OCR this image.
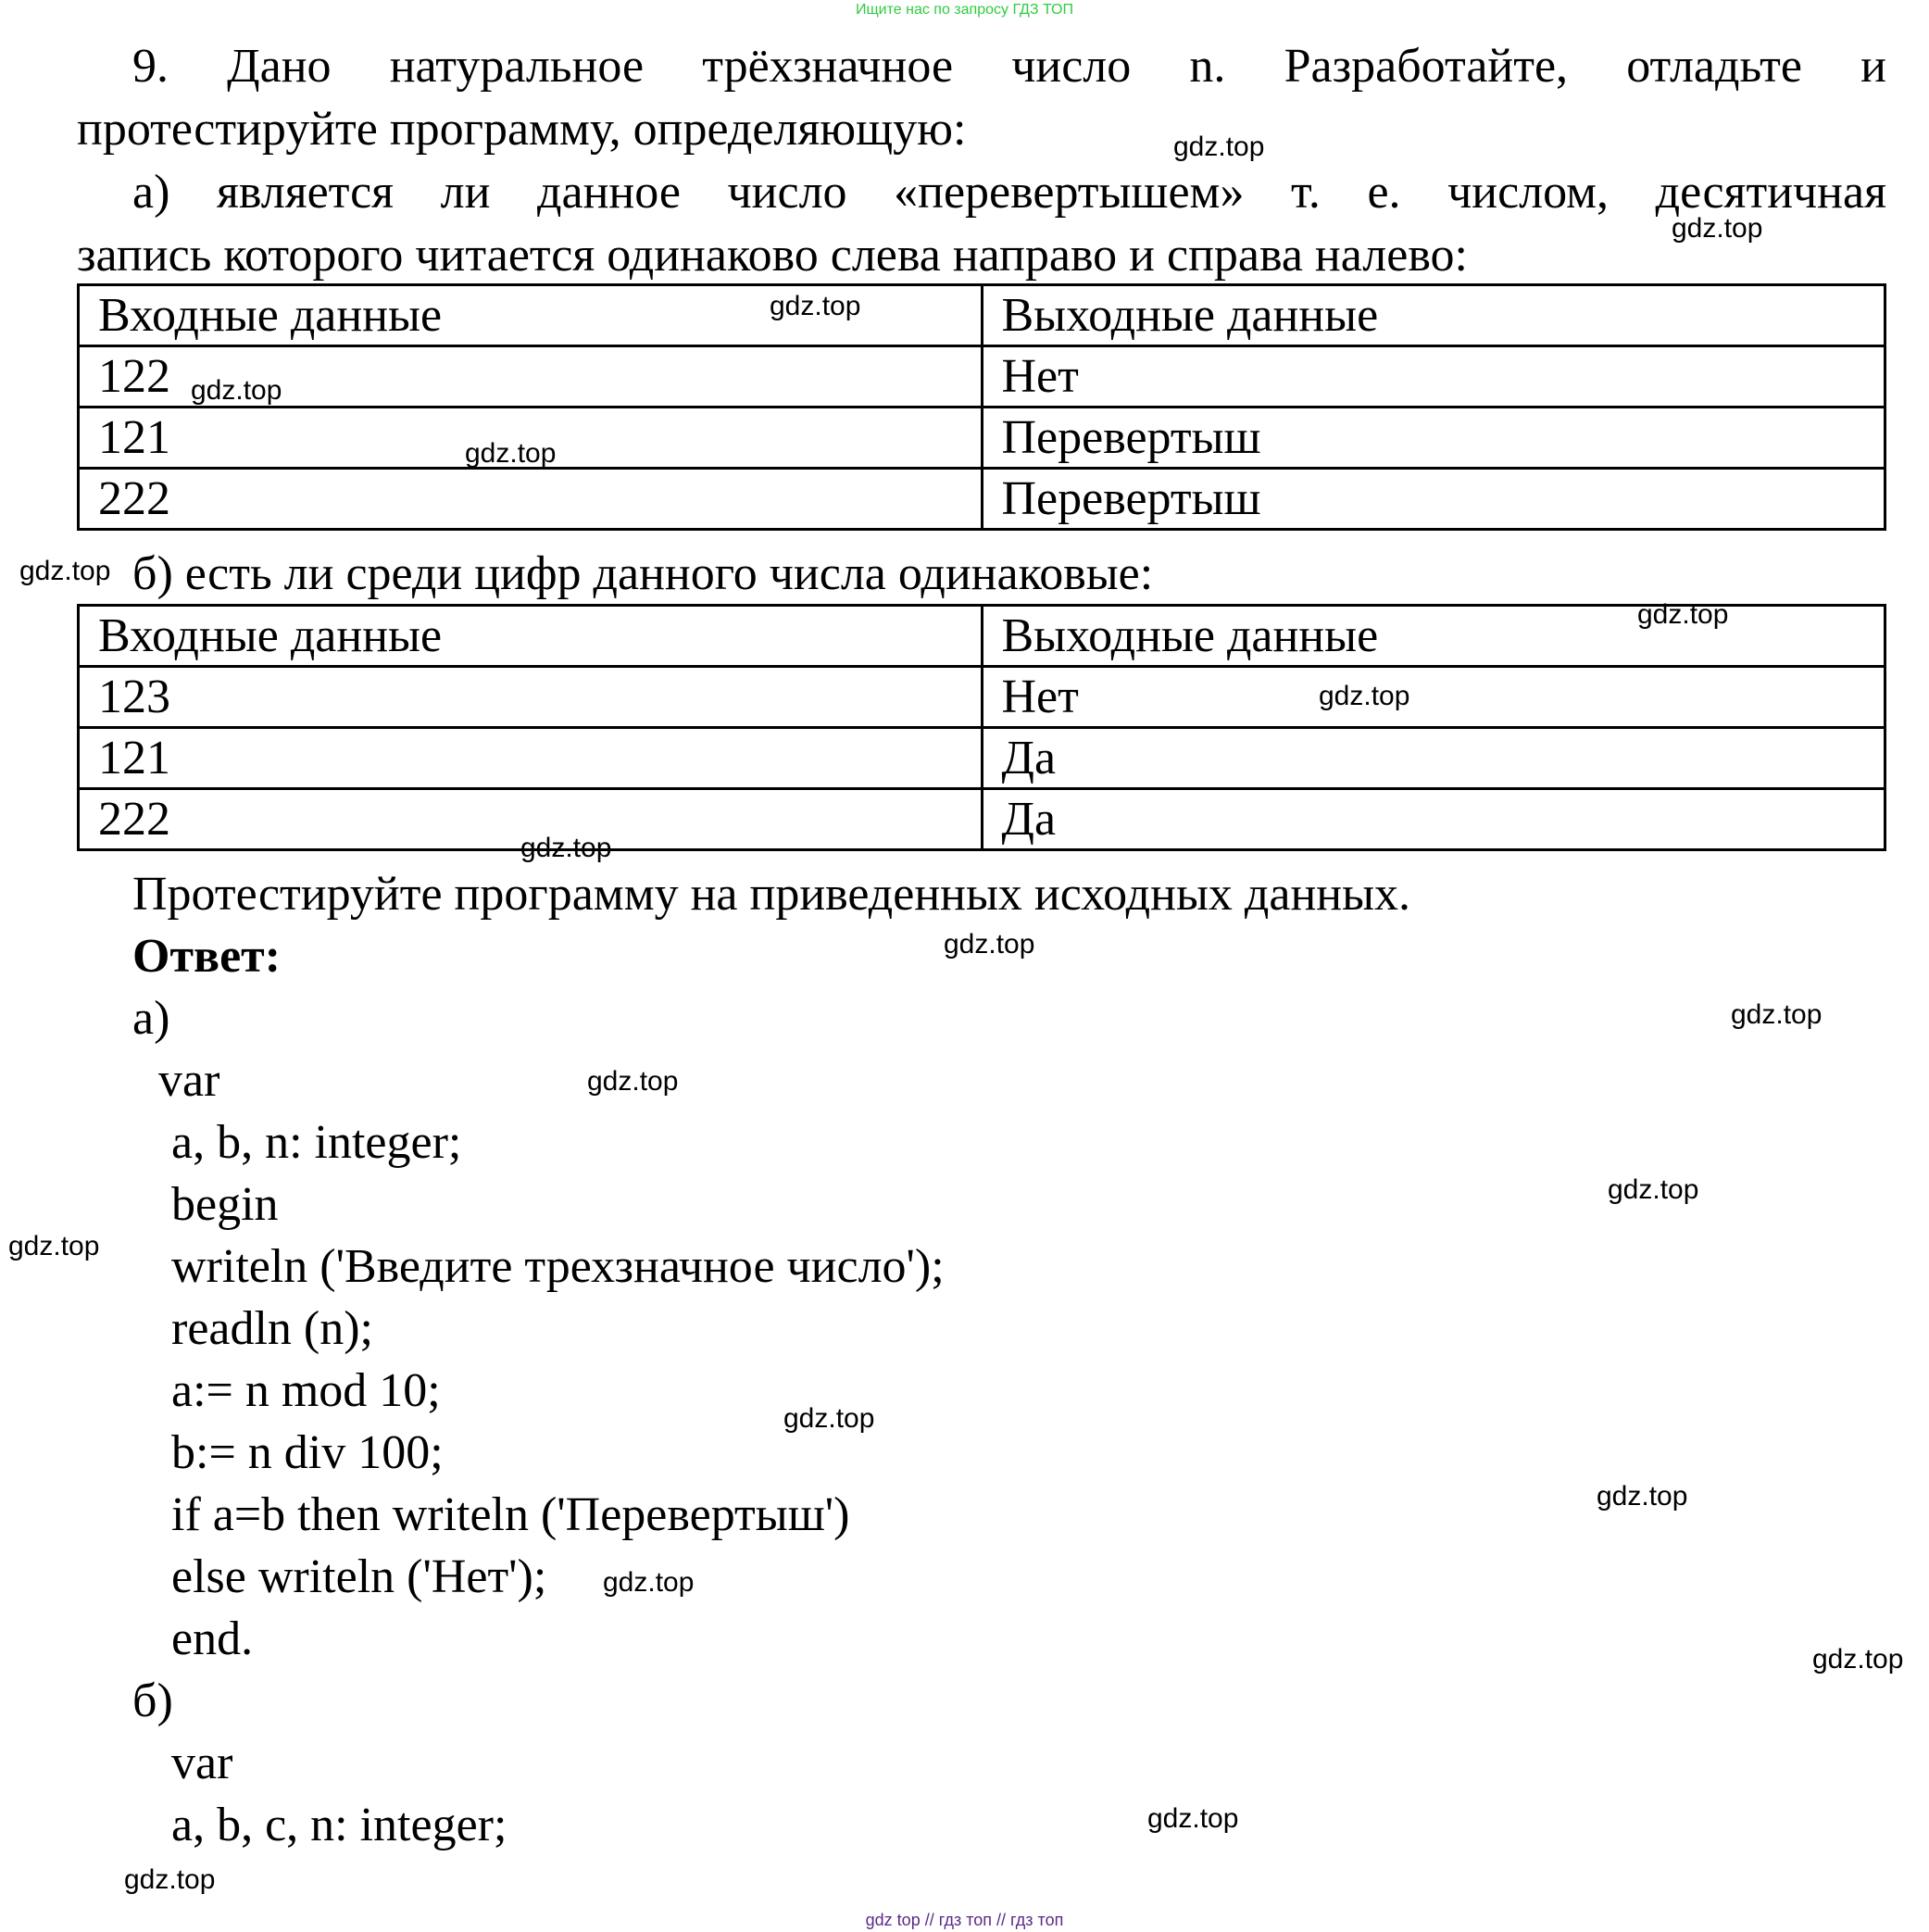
Ищите нас по запросу ГДЗ ТОП
9. Дано натуральное трёхзначное число n. Разработайте, отладьте и
протестируйте программу, определяющую:
а) является ли данное число «перевертышем» т. е. числом, десятичная
запись которого читается одинаково слева направо и справа налево:
Входные данные	Выходные данные
122	Нет
121	Перевертыш
222	Перевертыш
б) есть ли среди цифр данного числа одинаковые:
Входные данные	Выходные данные
123	Нет
121	Да
222	Да
Протестируйте программу на приведенных исходных данных.
Ответ:
а)
var
a, b, n: integer;
begin
writeln ('Введите трехзначное число');
readln (n);
a:= n mod 10;
b:= n div 100;
if a=b then writeln ('Перевертыш')
else writeln ('Нет');
end.
б)
var
a, b, c, n: integer;
gdz.top
gdz.top
gdz.top
gdz.top
gdz.top
gdz.top
gdz.top
gdz.top
gdz.top
gdz.top
gdz.top
gdz.top
gdz.top
gdz.top
gdz.top
gdz.top
gdz.top
gdz.top
gdz.top
gdz.top
gdz top // гдз топ // гдз топ
